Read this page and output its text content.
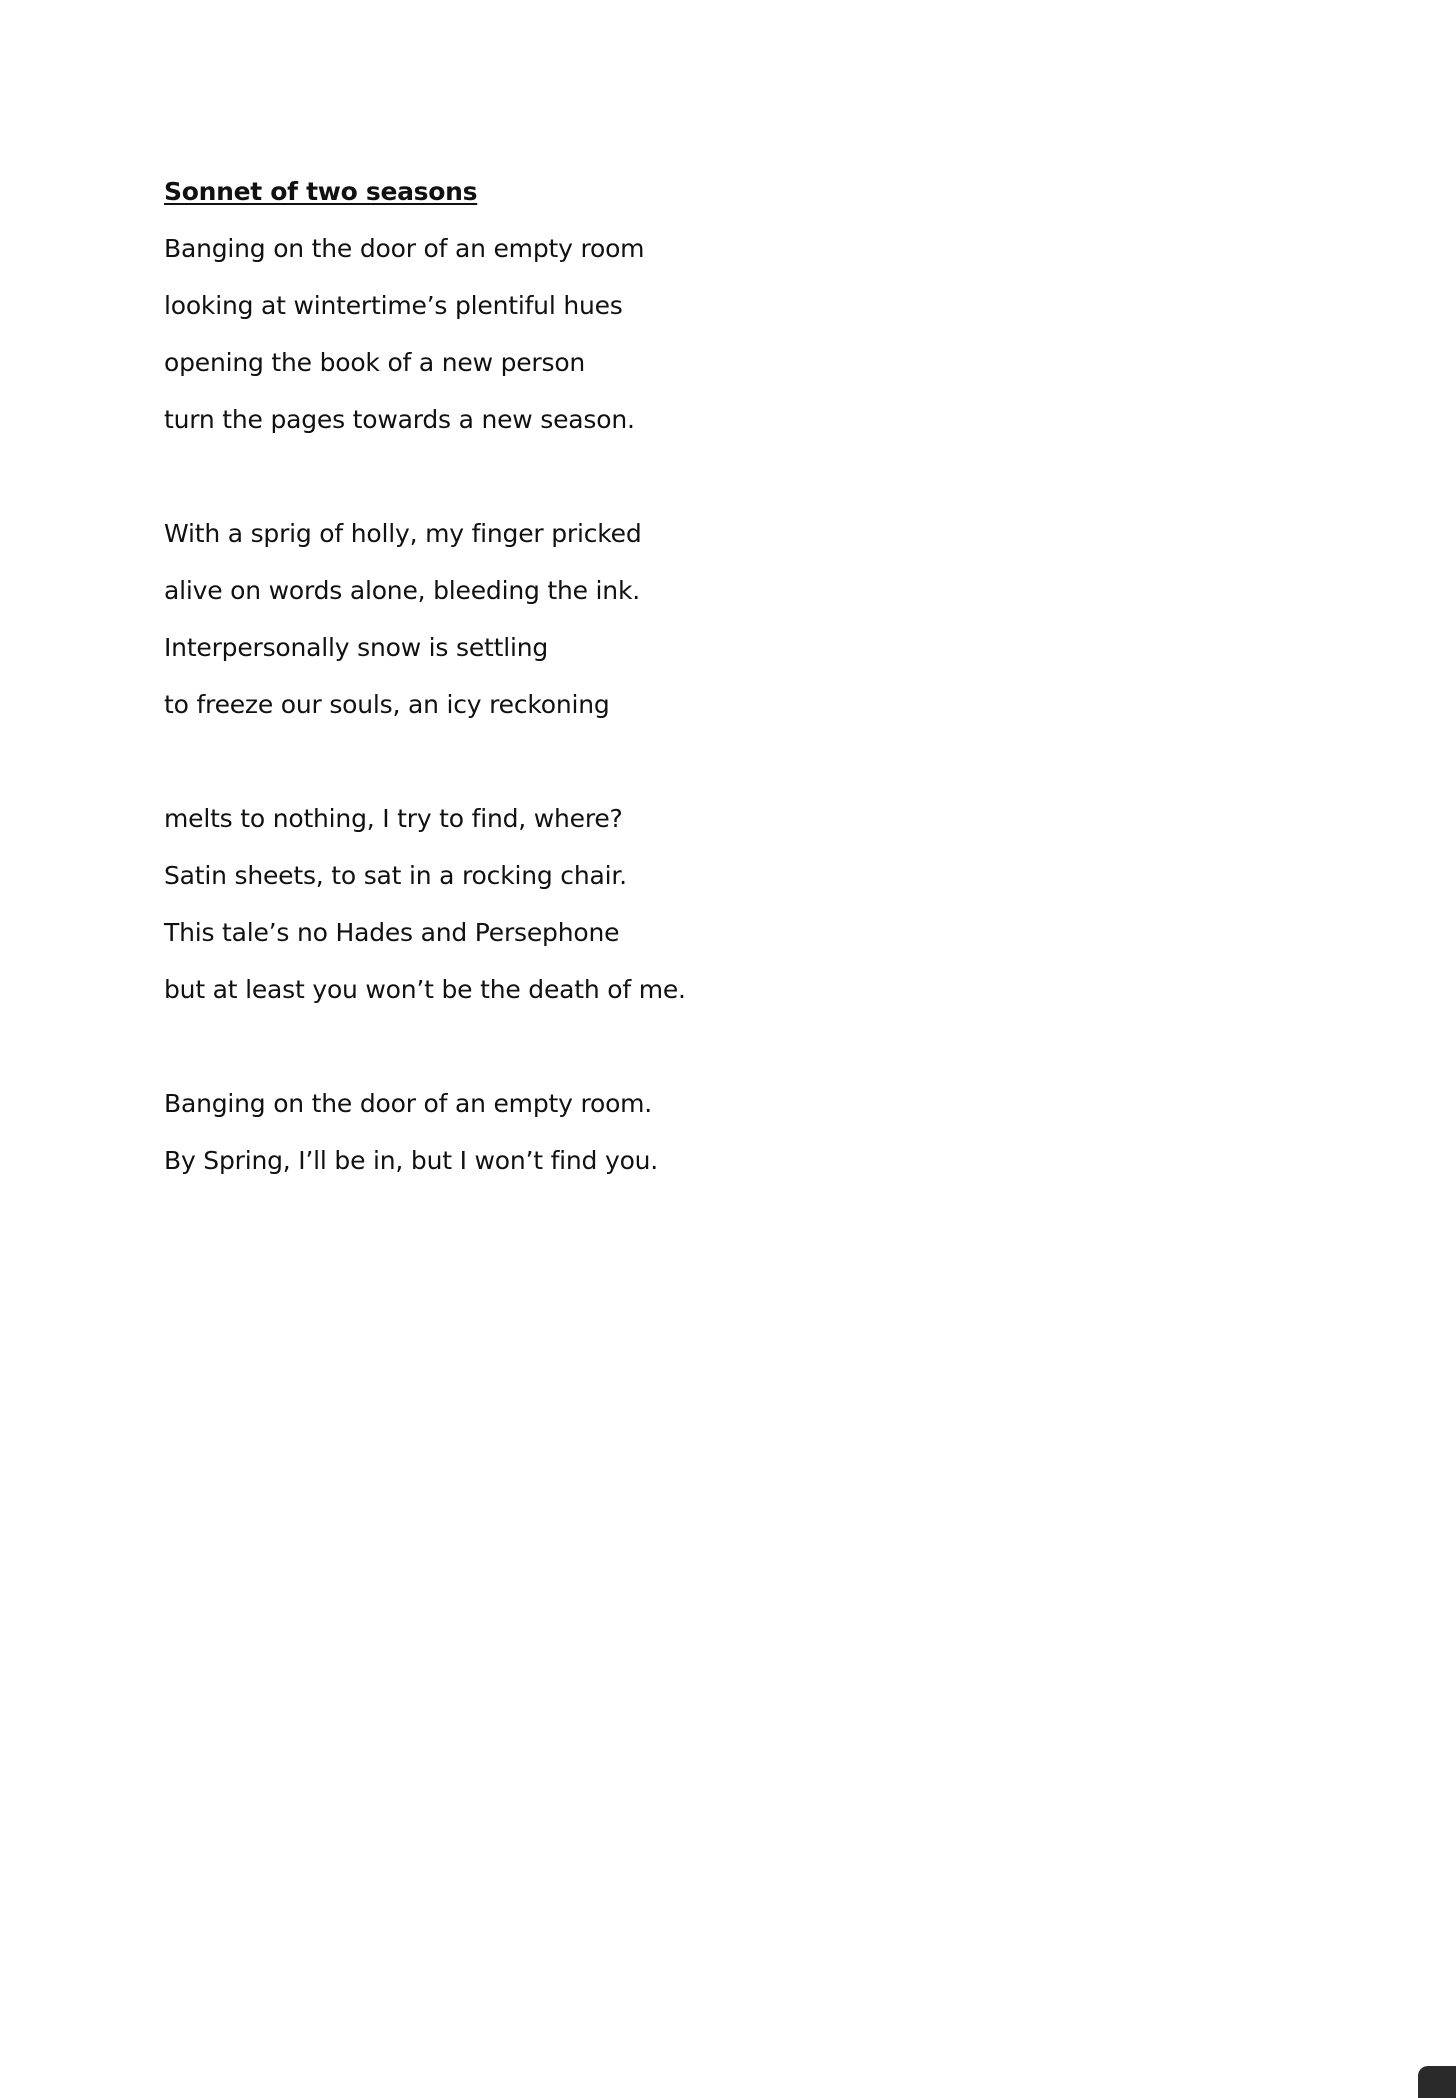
Sonnet of two seasons
Banging on the door of an empty room
looking at wintertime’s plentiful hues
opening the book of a new person
turn the pages towards a new season.
With a sprig of holly, my finger pricked
alive on words alone, bleeding the ink.
Interpersonally snow is settling
to freeze our souls, an icy reckoning
melts to nothing, I try to find, where?
Satin sheets, to sat in a rocking chair.
This tale’s no Hades and Persephone
but at least you won’t be the death of me.
Banging on the door of an empty room.
By Spring, I’ll be in, but I won’t find you.
